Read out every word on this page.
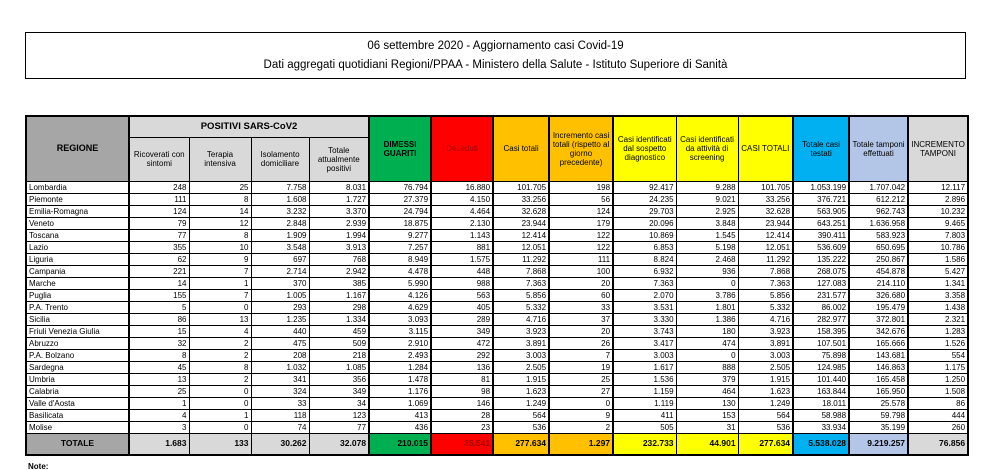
06 settembre 2020 - Aggiornamento casi Covid-19
Dati aggregati quotidiani Regioni/PPAA - Ministero della Salute - Istituto Superiore di Sanità
REGIONE	POSITIVI SARS-CoV2				DIMESSI GUARITI	Deceduti	Casi totali	Incremento casi totali (rispetto al giorno precedente)	Casi identificati dal sospetto diagnostico	Casi identificati da attività di screening	CASI TOTALI	Totale casi testati	Totale tamponi effettuati	INCREMENTO TAMPONI
	Ricoverati con sintomi	Terapia intensiva	Isolamento domiciliare	Totale attualmente positivi										
Lombardia	248	25	7.758	8.031	76.794	16.880	101.705	198	92.417	9.288	101.705	1.053.199	1.707.042	12.117
Piemonte	111	8	1.608	1.727	27.379	4.150	33.256	56	24.235	9.021	33.256	376.721	612.212	2.896
Emilia-Romagna	124	14	3.232	3.370	24.794	4.464	32.628	124	29.703	2.925	32.628	563.905	962.743	10.232
Veneto	79	12	2.848	2.939	18.875	2.130	23.944	179	20.096	3.848	23.944	643.251	1.636.958	9.465
Toscana	77	8	1.909	1.994	9.277	1.143	12.414	122	10.869	1.545	12.414	390.411	583.923	7.803
Lazio	355	10	3.548	3.913	7.257	881	12.051	122	6.853	5.198	12.051	536.609	650.695	10.786
Liguria	62	9	697	768	8.949	1.575	11.292	111	8.824	2.468	11.292	135.222	250.867	1.586
Campania	221	7	2.714	2.942	4.478	448	7.868	100	6.932	936	7.868	268.075	454.878	5.427
Marche	14	1	370	385	5.990	988	7.363	20	7.363	0	7.363	127.083	214.110	1.341
Puglia	155	7	1.005	1.167	4.126	563	5.856	60	2.070	3.786	5.856	231.577	326.680	3.358
P.A. Trento	5	0	293	298	4.629	405	5.332	33	3.531	1.801	5.332	86.002	195.479	1.438
Sicilia	86	13	1.235	1.334	3.093	289	4.716	37	3.330	1.386	4.716	282.977	372.801	2.321
Friuli Venezia Giulia	15	4	440	459	3.115	349	3.923	20	3.743	180	3.923	158.395	342.676	1.283
Abruzzo	32	2	475	509	2.910	472	3.891	26	3.417	474	3.891	107.501	165.666	1.526
P.A. Bolzano	8	2	208	218	2.493	292	3.003	7	3.003	0	3.003	75.898	143.681	554
Sardegna	45	8	1.032	1.085	1.284	136	2.505	19	1.617	888	2.505	124.985	146.863	1.175
Umbria	13	2	341	356	1.478	81	1.915	25	1.536	379	1.915	101.440	165.458	1.250
Calabria	25	0	324	349	1.176	98	1.623	27	1.159	464	1.623	163.844	165.950	1.508
Valle d'Aosta	1	0	33	34	1.069	146	1.249	0	1.119	130	1.249	18.011	25.578	86
Basilicata	4	1	118	123	413	28	564	9	411	153	564	58.988	59.798	444
Molise	3	0	74	77	436	23	536	2	505	31	536	33.934	35.199	260
TOTALE	1.683	133	30.262	32.078	210.015	35.541	277.634	1.297	232.733	44.901	277.634	5.538.028	9.219.257	76.856
Note:
